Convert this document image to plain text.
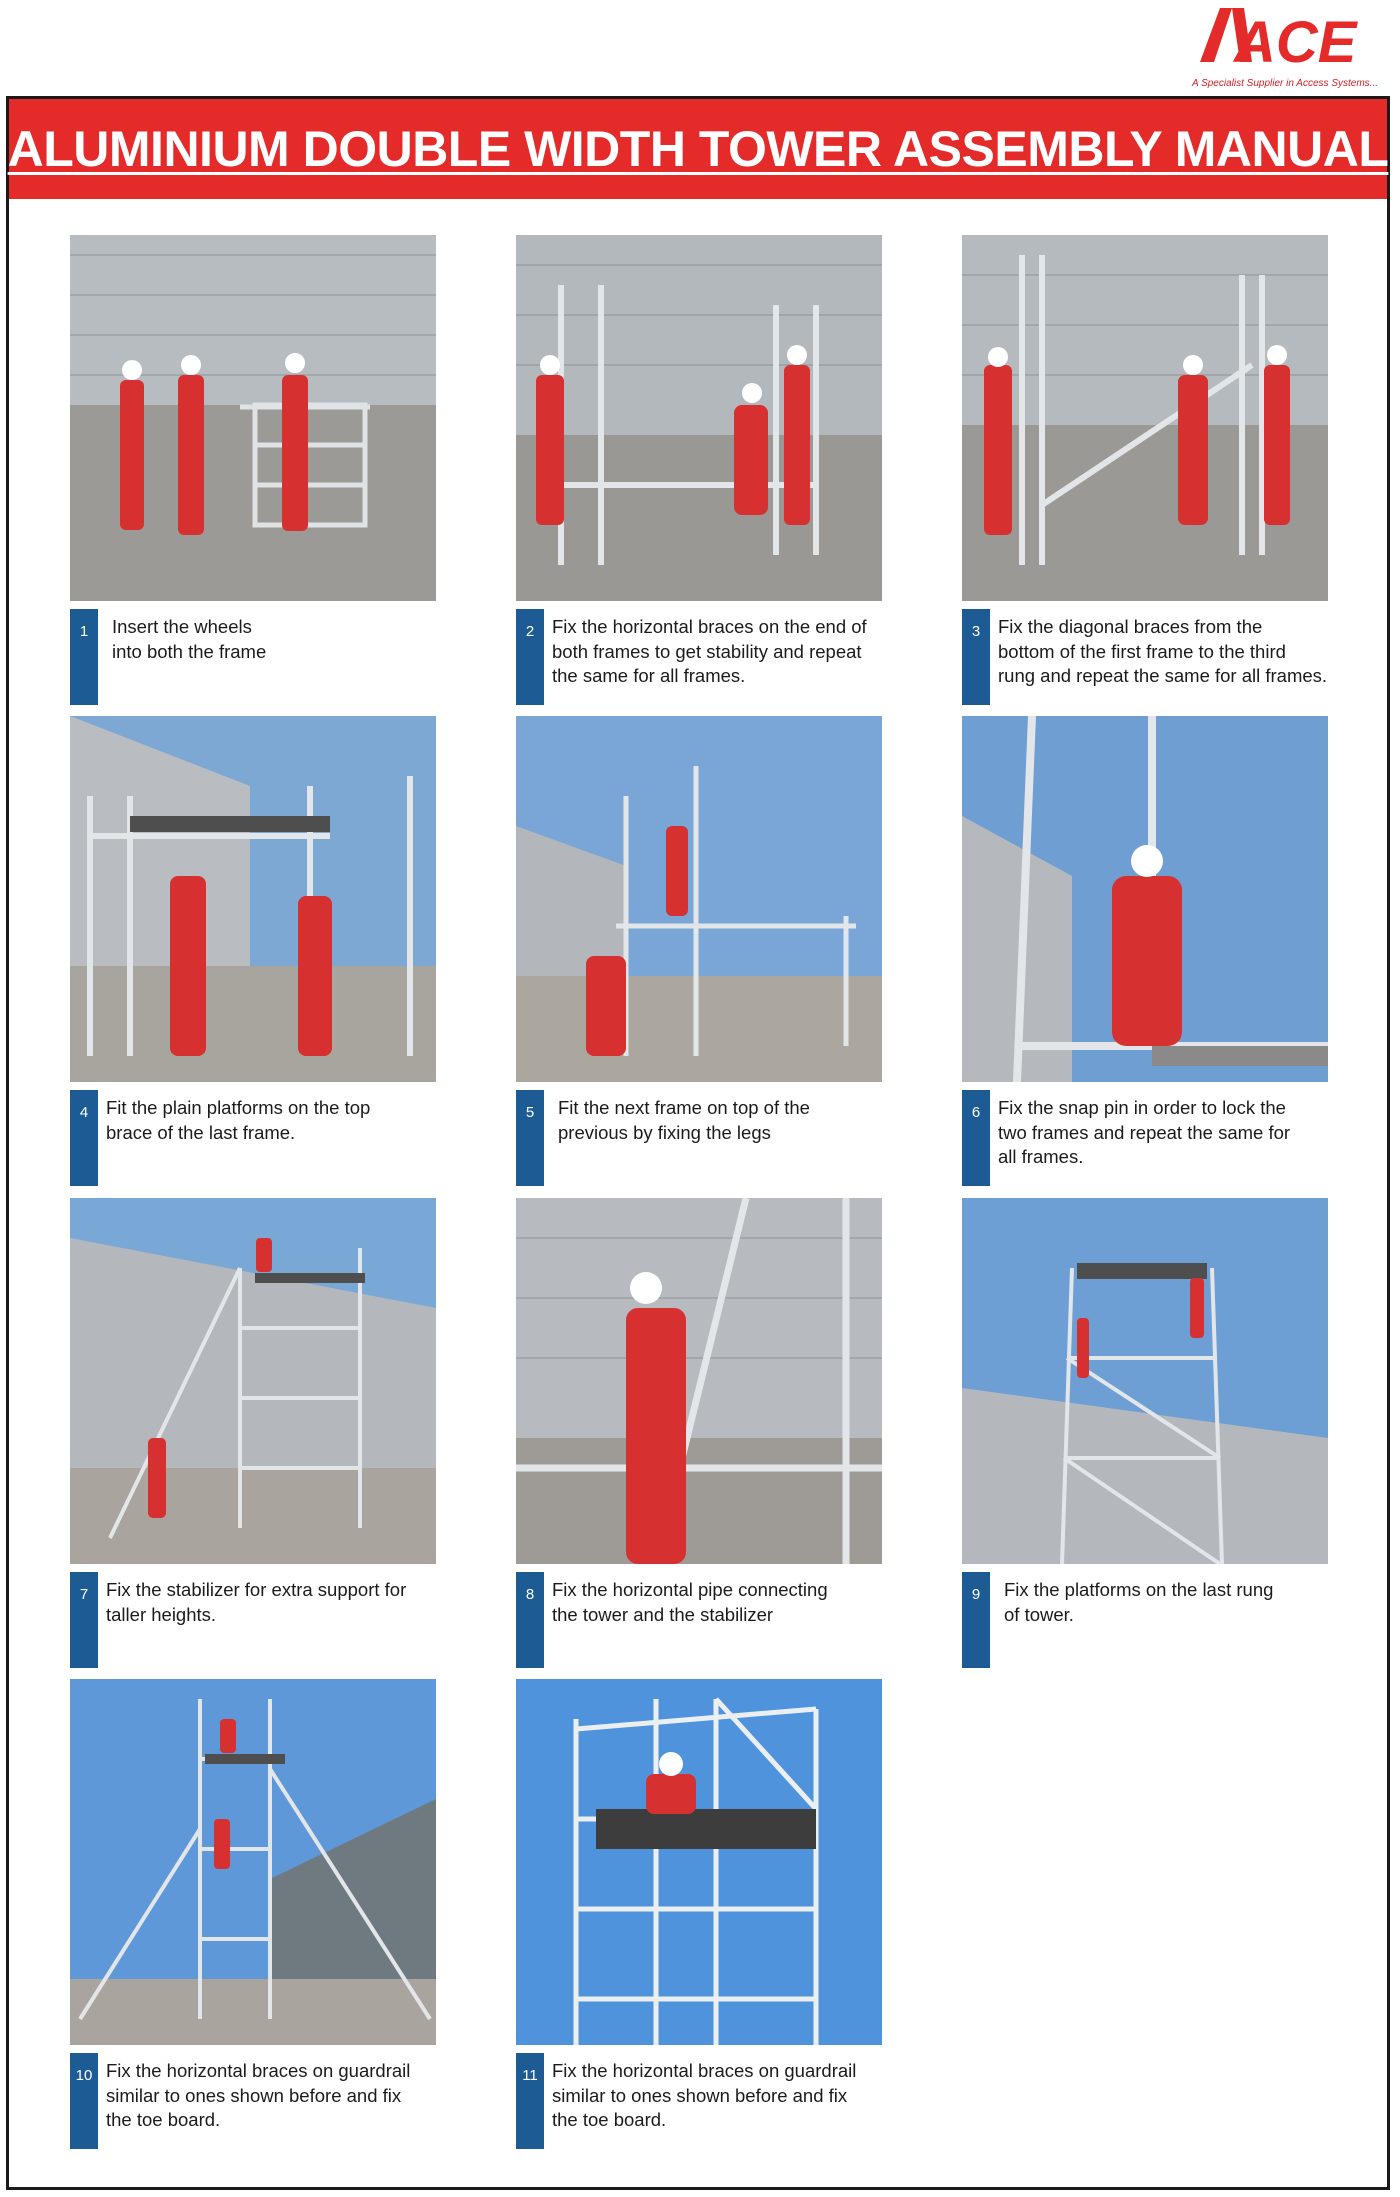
ACE
A Specialist Supplier in Access Systems...
ALUMINIUM DOUBLE WIDTH TOWER ASSEMBLY MANUAL
1	Insert the wheels
into both the frame
2 Fix the horizontal braces on the end of
both frames to get stability and repeat
the same for all frames.
3 Fix the diagonal braces from the
bottom of the first frame to the third
rung and repeat the same for all frames.
4 Fit the plain platforms on the top
brace of the last frame.
5	Fit the next frame on top of the
previous by fixing the legs
6 Fix the snap pin in order to lock the
two frames and repeat the same for
all frames.
7 Fix the stabilizer for extra support for
taller heights.
8 Fix the horizontal pipe connecting
the tower and the stabilizer
9	Fix the platforms on the last rung
of tower.
10 Fix the horizontal braces on guardrail
similar to ones shown before and fix
the toe board.
11 Fix the horizontal braces on guardrail
similar to ones shown before and fix
the toe board.
